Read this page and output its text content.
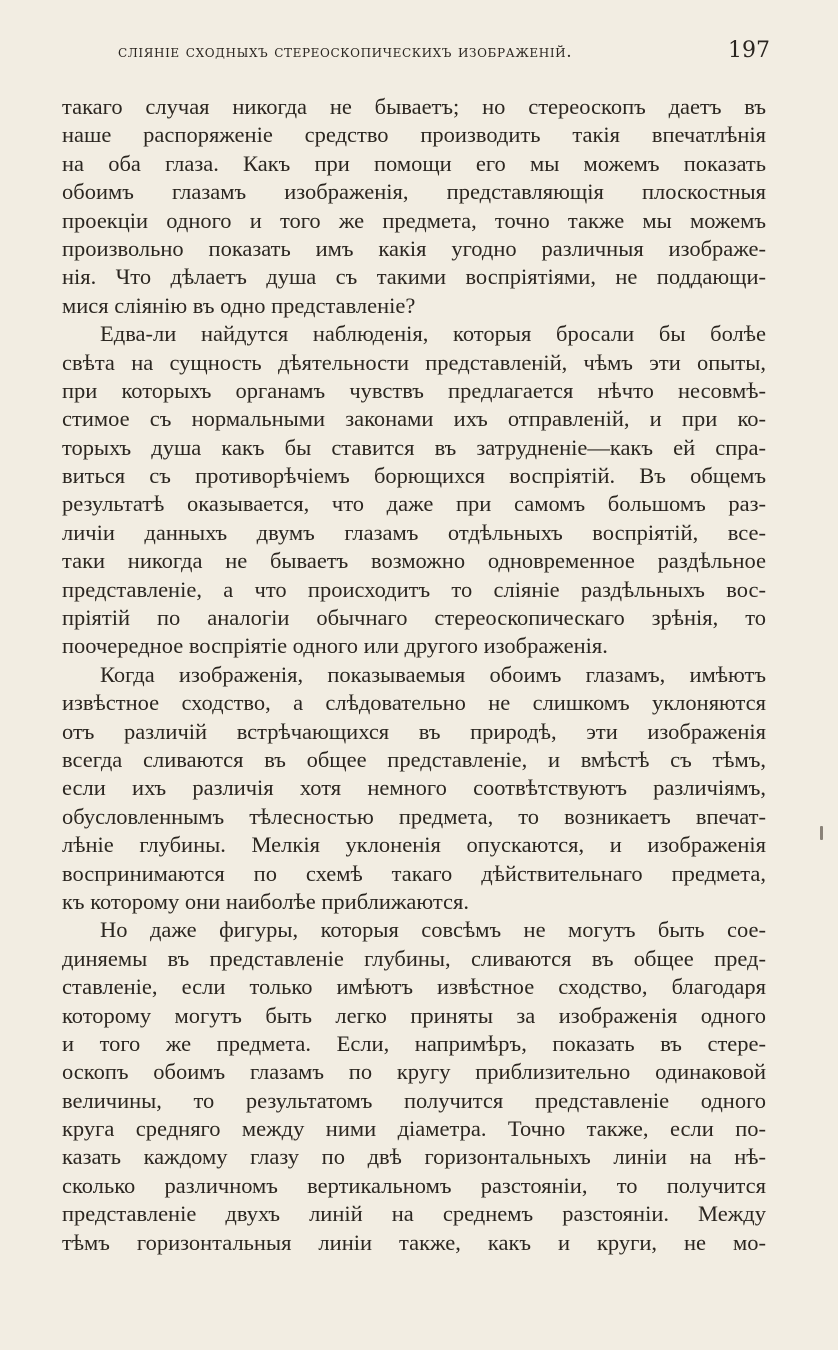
слiянiе сходныхъ стереоскопическихъ изображенiй.	197
такаго случая никогда не бываетъ; но стереоскопъ даетъ въ
наше распоряженiе средство производить такiя впечатлѣнiя
на оба глаза. Какъ при помощи его мы можемъ показать
обоимъ глазамъ изображенiя, представляющiя плоскостныя
проекцiи одного и того же предмета, точно также мы можемъ
произвольно показать имъ какiя угодно различныя изображе-
нiя. Что дѣлаетъ душа съ такими воспрiятiями, не поддающи-
мися слiянiю въ одно представленiе?
Едва-ли найдутся наблюденiя, которыя бросали бы болѣе
свѣта на сущность дѣятельности представленiй, чѣмъ эти опыты,
при которыхъ органамъ чувствъ предлагается нѣчто несовмѣ-
стимое съ нормальными законами ихъ отправленiй, и при ко-
торыхъ душа какъ бы ставится въ затрудненiе—какъ ей спра-
виться съ противорѣчiемъ борющихся воспрiятiй. Въ общемъ
результатѣ оказывается, что даже при самомъ большомъ раз-
личiи данныхъ двумъ глазамъ отдѣльныхъ воспрiятiй, все-
таки никогда не бываетъ возможно одновременное раздѣльное
представленiе, а что происходитъ то слiянiе раздѣльныхъ вос-
прiятiй по аналогiи обычнаго стереоскопическаго зрѣнiя, то
поочередное воспрiятiе одного или другого изображенiя.
Когда изображенiя, показываемыя обоимъ глазамъ, имѣютъ
извѣстное сходство, а слѣдовательно не слишкомъ уклоняются
отъ различiй встрѣчающихся въ природѣ, эти изображенiя
всегда сливаются въ общее представленiе, и вмѣстѣ съ тѣмъ,
если ихъ различiя хотя немного соотвѣтствуютъ различiямъ,
обусловленнымъ тѣлесностью предмета, то возникаетъ впечат-
лѣнiе глубины. Мелкiя уклоненiя опускаются, и изображенiя
воспринимаются по схемѣ такаго дѣйствительнаго предмета,
къ которому они наиболѣе приближаются.
Но даже фигуры, которыя совсѣмъ не могутъ быть сое-
диняемы въ представленiе глубины, сливаются въ общее пред-
ставленiе, если только имѣютъ извѣстное сходство, благодаря
которому могутъ быть легко приняты за изображенiя одного
и того же предмета. Если, напримѣръ, показать въ стере-
оскопъ обоимъ глазамъ по кругу приблизительно одинаковой
величины, то результатомъ получится представленiе одного
круга средняго между ними дiаметра. Точно также, если по-
казать каждому глазу по двѣ горизонтальныхъ линiи на нѣ-
сколько различномъ вертикальномъ разстоянiи, то получится
представленiе двухъ линiй на среднемъ разстоянiи. Между
тѣмъ горизонтальныя линiи также, какъ и круги, не мо-
